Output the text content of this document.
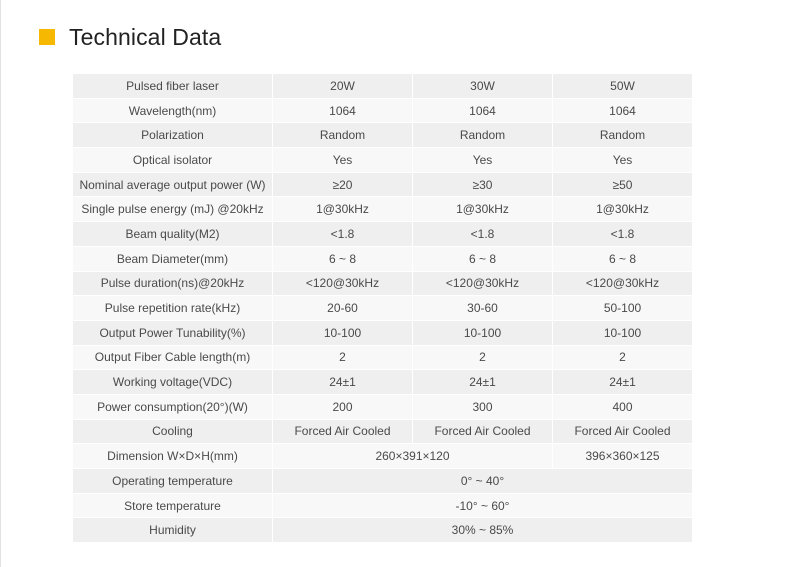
Technical Data
Pulsed fiber laser	20W	30W	50W
Wavelength(nm)	1064	1064	1064
Polarization	Random	Random	Random
Optical isolator	Yes	Yes	Yes
Nominal average output power (W)	≥20	≥30	≥50
Single pulse energy (mJ) @20kHz	1@30kHz	1@30kHz	1@30kHz
Beam quality(M2)	<1.8	<1.8	<1.8
Beam Diameter(mm)	6 ~ 8	6 ~ 8	6 ~ 8
Pulse duration(ns)@20kHz	<120@30kHz	<120@30kHz	<120@30kHz
Pulse repetition rate(kHz)	20-60	30-60	50-100
Output Power Tunability(%)	10-100	10-100	10-100
Output Fiber Cable length(m)	2	2	2
Working voltage(VDC)	24±1	24±1	24±1
Power consumption(20°)(W)	200	300	400
Cooling	Forced Air Cooled	Forced Air Cooled	Forced Air Cooled
Dimension W×D×H(mm)	260×391×120		396×360×125
Operating temperature	0° ~ 40°		
Store temperature	-10° ~ 60°		
Humidity	30% ~ 85%		
